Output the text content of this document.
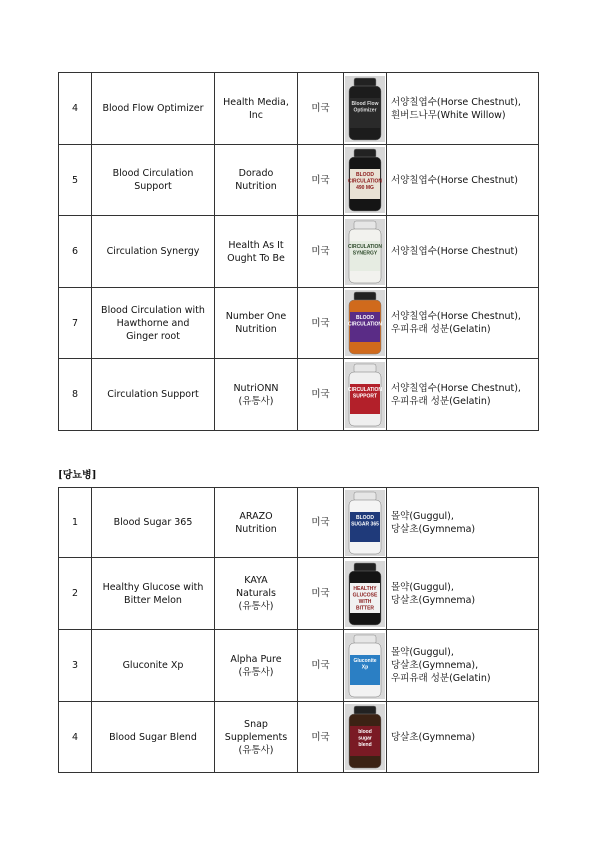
4	Blood Flow Optimizer	Health Media,
Inc	미국	Blood Flow
Optimizer	서양칠엽수(Horse Chestnut),
흰버드나무(White Willow)
5	Blood Circulation
Support	Dorado
Nutrition	미국	BLOOD
CIRCULATION
490 MG	서양칠엽수(Horse Chestnut)
6	Circulation Synergy	Health As It
Ought To Be	미국	CIRCULATION
SYNERGY	서양칠엽수(Horse Chestnut)
7	Blood Circulation with
Hawthorne and
Ginger root	Number One
Nutrition	미국	BLOOD
CIRCULATION	서양칠엽수(Horse Chestnut),
우피유래 성분(Gelatin)
8	Circulation Support	NutriONN
(유통사)	미국	CIRCULATION
SUPPORT	서양칠엽수(Horse Chestnut),
우피유래 성분(Gelatin)
[당뇨병]
1	Blood Sugar 365	ARAZO
Nutrition	미국	BLOOD
SUGAR 365	몰약(Guggul),
당살초(Gymnema)
2	Healthy Glucose with
Bitter Melon	KAYA
Naturals
(유통사)	미국	HEALTHY
GLUCOSE
WITH
BITTER	몰약(Guggul),
당살초(Gymnema)
3	Gluconite Xp	Alpha Pure
(유통사)	미국	Gluconite
Xp	몰약(Guggul),
당살초(Gymnema),
우피유래 성분(Gelatin)
4	Blood Sugar Blend	Snap
Supplements
(유통사)	미국	blood
sugar
blend	당살초(Gymnema)
